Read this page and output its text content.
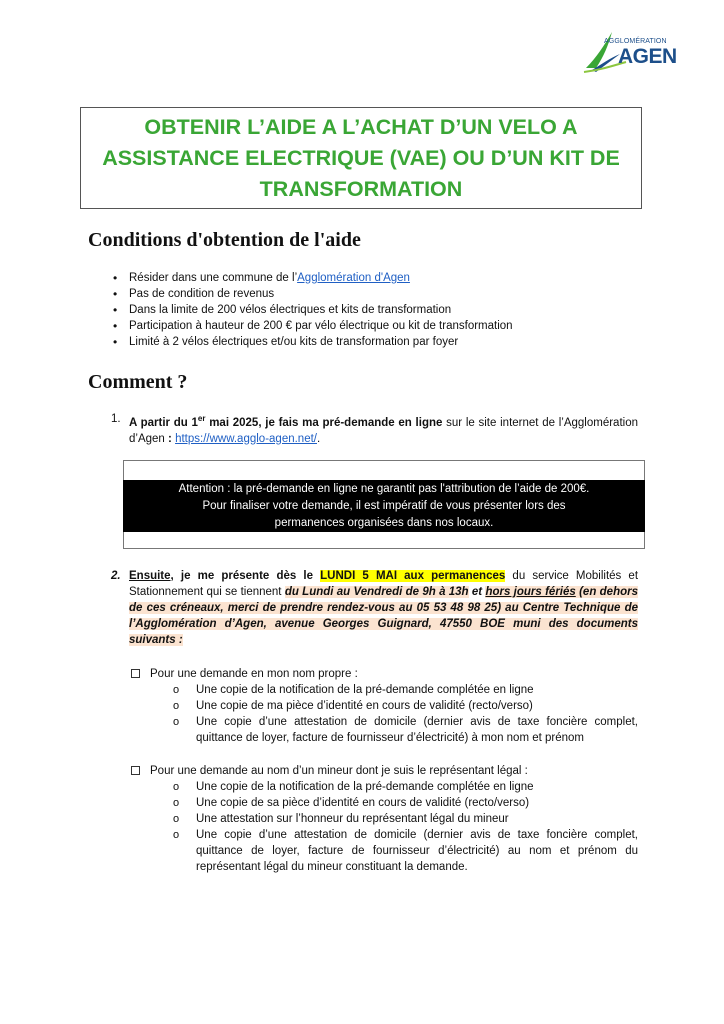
AGGLOMÉRATION
AGEN
OBTENIR L’AIDE A L’ACHAT D’UN VELO A
ASSISTANCE ELECTRIQUE (VAE) OU D’UN KIT DE
TRANSFORMATION
Conditions d'obtention de l'aide
• Résider dans une commune de l’Agglomération d'Agen
• Pas de condition de revenus
• Dans la limite de 200 vélos électriques et kits de transformation
• Participation à hauteur de 200 € par vélo électrique ou kit de transformation
• Limité à 2 vélos électriques et/ou kits de transformation par foyer
Comment ?
1. A partir du 1er mai 2025, je fais ma pré-demande en ligne sur le site internet de l’Agglomération d’Agen : https://www.agglo-agen.net/.
Attention : la pré-demande en ligne ne garantit pas l'attribution de l’aide de 200€.
Pour finaliser votre demande, il est impératif de vous présenter lors des
permanences organisées dans nos locaux.
2. Ensuite, je me présente dès le LUNDI 5 MAI aux permanences du service Mobilités et Stationnement qui se tiennent du Lundi au Vendredi de 9h à 13h et hors jours fériés (en dehors de ces créneaux, merci de prendre rendez-vous au 05 53 48 98 25) au Centre Technique de l’Agglomération d’Agen, avenue Georges Guignard, 47550 BOE muni des documents suivants :
Pour une demande en mon nom propre :
o Une copie de la notification de la pré-demande complétée en ligne
o Une copie de ma pièce d’identité en cours de validité (recto/verso)
o Une copie d’une attestation de domicile (dernier avis de taxe foncière complet, quittance de loyer, facture de fournisseur d’électricité) à mon nom et prénom
Pour une demande au nom d’un mineur dont je suis le représentant légal :
o Une copie de la notification de la pré-demande complétée en ligne
o Une copie de sa pièce d’identité en cours de validité (recto/verso)
o Une attestation sur l’honneur du représentant légal du mineur
o Une copie d’une attestation de domicile (dernier avis de taxe foncière complet, quittance de loyer, facture de fournisseur d’électricité) au nom et prénom du représentant légal du mineur constituant la demande.
